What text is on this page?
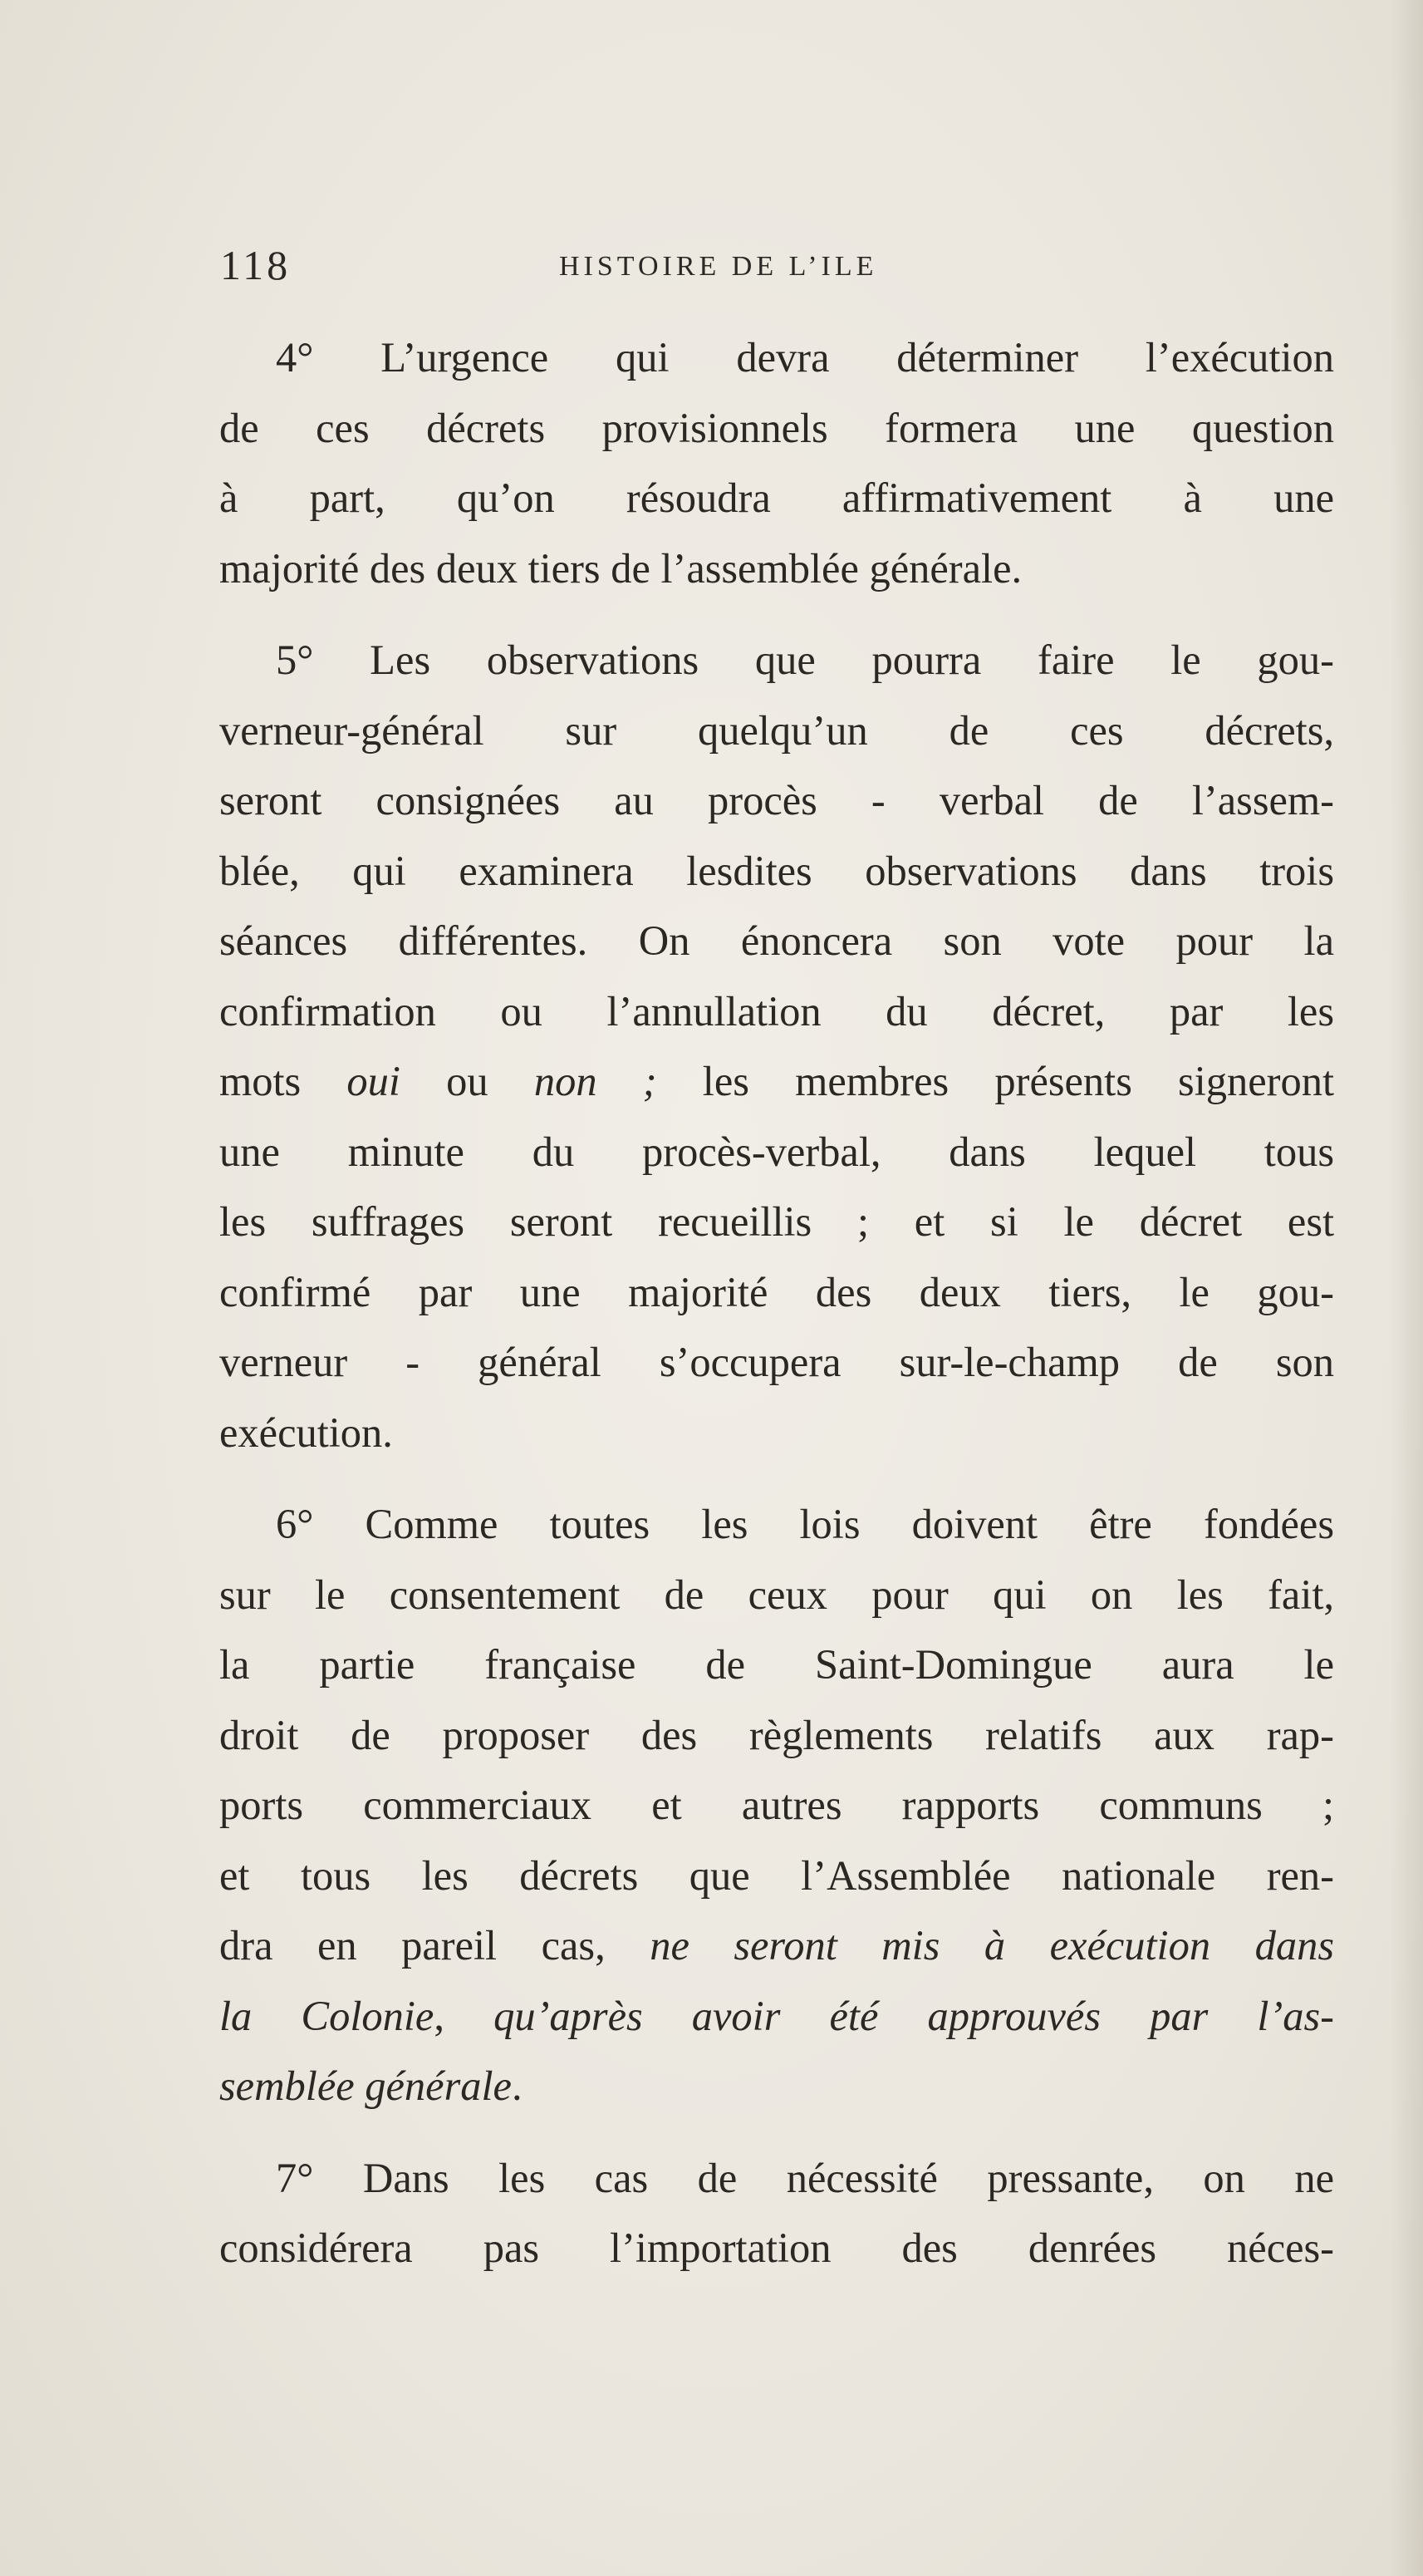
118	HISTOIRE DE L’ILE

4° L’urgence qui devra déterminer l’exécution
de ces décrets provisionnels formera une question
à part, qu’on résoudra affirmativement à une
majorité des deux tiers de l’assemblée générale.

5° Les observations que pourra faire le gou-
verneur-général sur quelqu’un de ces décrets,
seront consignées au procès - verbal de l’assem-
blée, qui examinera lesdites observations dans trois
séances différentes. On énoncera son vote pour la
confirmation ou l’annullation du décret, par les
mots oui ou non ; les membres présents signeront
une minute du procès-verbal, dans lequel tous
les suffrages seront recueillis ; et si le décret est
confirmé par une majorité des deux tiers, le gou-
verneur - général s’occupera sur-le-champ de son
exécution.

6° Comme toutes les lois doivent être fondées
sur le consentement de ceux pour qui on les fait,
la partie française de Saint-Domingue aura le
droit de proposer des règlements relatifs aux rap-
ports commerciaux et autres rapports communs ;
et tous les décrets que l’Assemblée nationale ren-
dra en pareil cas, ne seront mis à exécution dans
la Colonie, qu’après avoir été approuvés par l’as-
semblée générale.

7° Dans les cas de nécessité pressante, on ne
considérera pas l’importation des denrées néces-
